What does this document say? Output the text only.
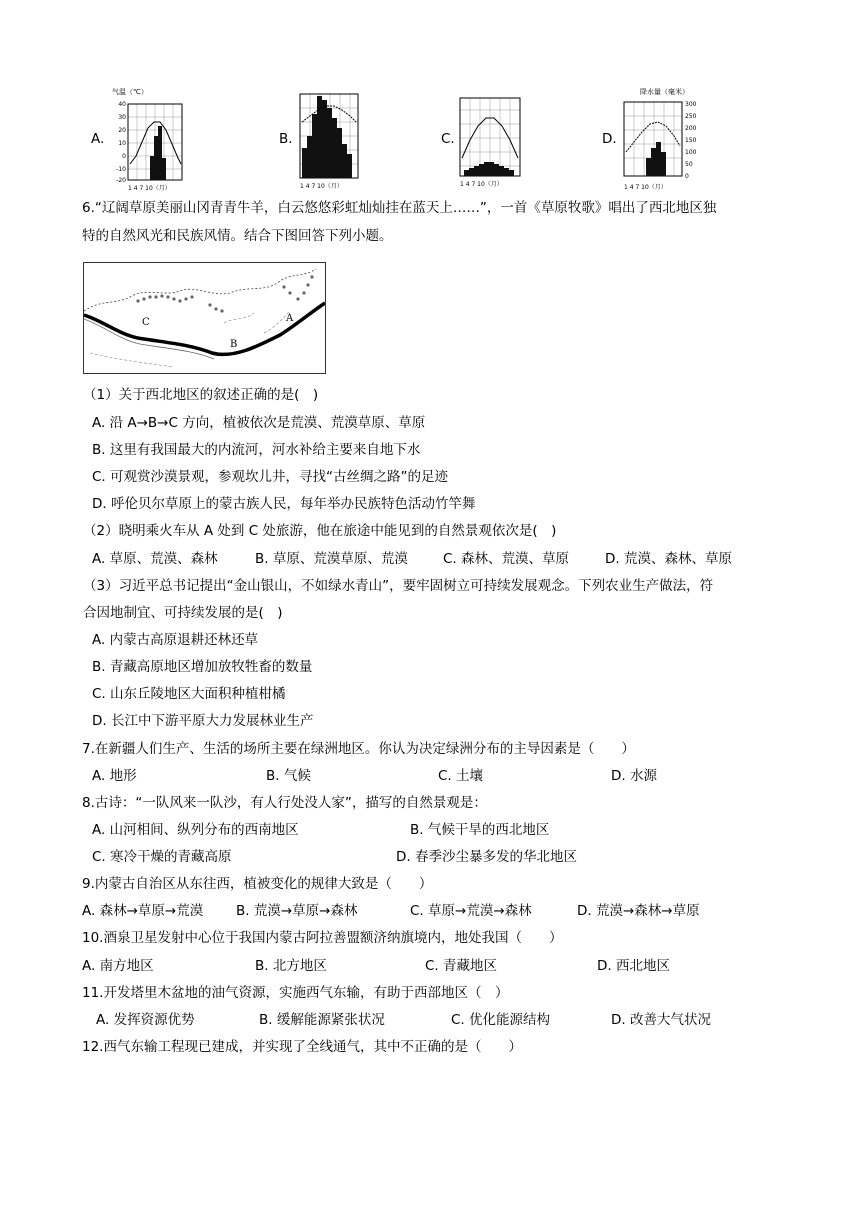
A.
气温（℃）
40
30
20
10
0
-10
-20
1 4 7 10（月）
B.
1 4 7 10（月）
C.
1 4 7 10（月）
D.
降水量（毫米）
300
250
200
150
100
50
0
1 4 7 10（月）
6.“辽阔草原美丽山冈青青牛羊，白云悠悠彩虹灿灿挂在蓝天上……”，一首《草原牧歌》唱出了西北地区独
特的自然风光和民族风情。结合下图回答下列小题。
A
B
C
（1）关于西北地区的叙述正确的是(　)
A. 沿 A→B→C 方向，植被依次是荒漠、荒漠草原、草原
B. 这里有我国最大的内流河，河水补给主要来自地下水
C. 可观赏沙漠景观，参观坎儿井，寻找“古丝绸之路”的足迹
D. 呼伦贝尔草原上的蒙古族人民，每年举办民族特色活动竹竿舞
（2）晓明乘火车从 A 处到 C 处旅游，他在旅途中能见到的自然景观依次是(　)
A. 草原、荒漠、森林	B. 草原、荒漠草原、荒漠	C. 森林、荒漠、草原	D. 荒漠、森林、草原
（3）习近平总书记提出“金山银山，不如绿水青山”，要牢固树立可持续发展观念。下列农业生产做法，符
合因地制宜、可持续发展的是(　)
A. 内蒙古高原退耕还林还草
B. 青藏高原地区增加放牧牲畜的数量
C. 山东丘陵地区大面积种植柑橘
D. 长江中下游平原大力发展林业生产
7.在新疆人们生产、生活的场所主要在绿洲地区。你认为决定绿洲分布的主导因素是（　　）
A. 地形	B. 气候	C. 土壤	D. 水源
8.古诗：“一队风来一队沙，有人行处没人家”，描写的自然景观是：
A. 山河相间、纵列分布的西南地区	B. 气候干旱的西北地区
C. 寒冷干燥的青藏高原	D. 春季沙尘暴多发的华北地区
9.内蒙古自治区从东往西，植被变化的规律大致是（　　）
A. 森林→草原→荒漠 B. 荒漠→草原→森林	C. 草原→荒漠→森林	D. 荒漠→森林→草原
10.酒泉卫星发射中心位于我国内蒙古阿拉善盟额济纳旗境内，地处我国（　　）
A. 南方地区	B. 北方地区	C. 青藏地区	D. 西北地区
11.开发塔里木盆地的油气资源，实施西气东输，有助于西部地区（　）
A. 发挥资源优势	B. 缓解能源紧张状况	C. 优化能源结构	D. 改善大气状况
12.西气东输工程现已建成，并实现了全线通气，其中不正确的是（　　）
